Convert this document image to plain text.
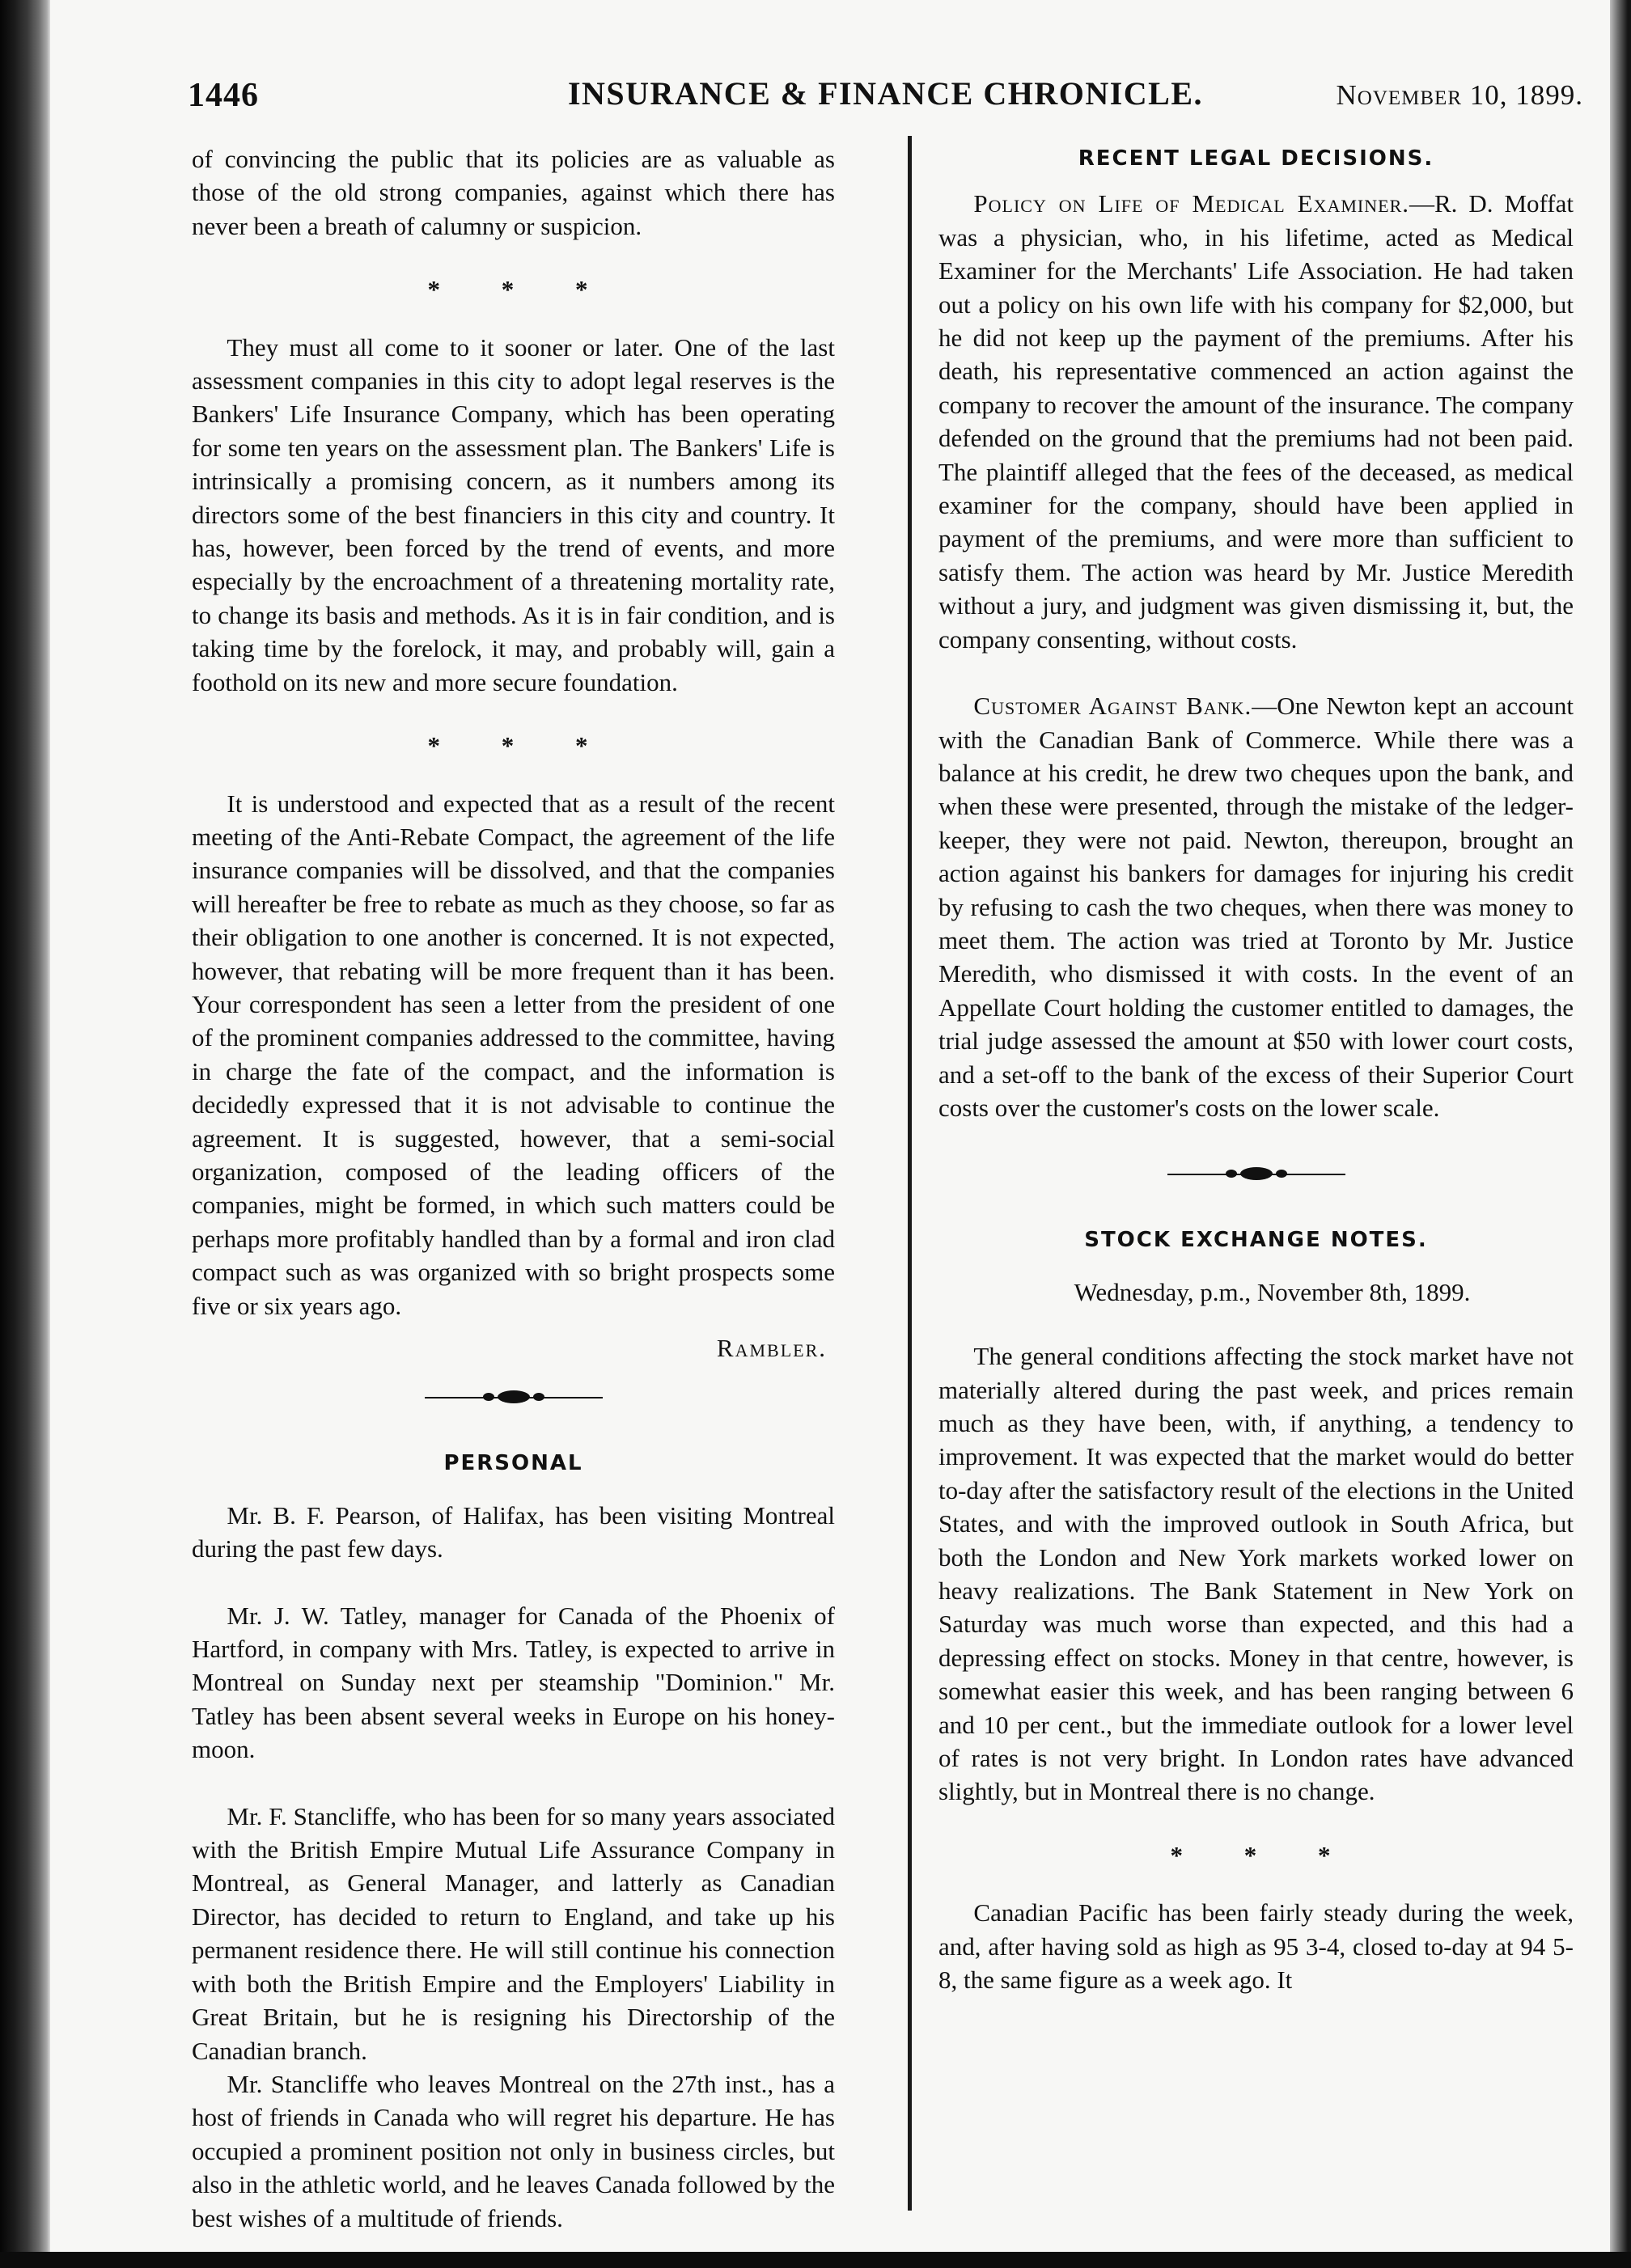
INSURANCE & FINANCE CHRONICLE.
1446	November 10, 1899.

of convincing the public that its policies are as valuable as those of the old strong companies, against which there has never been a breath of calumny or suspicion.

* * *

They must all come to it sooner or later. One of the last assessment companies in this city to adopt legal reserves is the Bankers' Life Insurance Company, which has been operating for some ten years on the assessment plan. The Bankers' Life is intrinsically a promising concern, as it numbers among its directors some of the best financiers in this city and country. It has, however, been forced by the trend of events, and more especially by the encroachment of a threatening mortality rate, to change its basis and methods. As it is in fair condition, and is taking time by the forelock, it may, and probably will, gain a foothold on its new and more secure foundation.

* * *

It is understood and expected that as a result of the recent meeting of the Anti-Rebate Compact, the agreement of the life insurance companies will be dissolved, and that the companies will hereafter be free to rebate as much as they choose, so far as their obligation to one another is concerned. It is not expected, however, that rebating will be more frequent than it has been. Your correspondent has seen a letter from the president of one of the prominent companies addressed to the committee, having in charge the fate of the compact, and the information is decidedly expressed that it is not advisable to continue the agreement. It is suggested, however, that a semi-social organization, composed of the leading officers of the companies, might be formed, in which such matters could be perhaps more profitably handled than by a formal and iron clad compact such as was organized with so bright prospects some five or six years ago.

Rambler.
PERSONAL

Mr. B. F. Pearson, of Halifax, has been visiting Montreal during the past few days.

Mr. J. W. Tatley, manager for Canada of the Phoenix of Hartford, in company with Mrs. Tatley, is expected to arrive in Montreal on Sunday next per steamship "Dominion." Mr. Tatley has been absent several weeks in Europe on his honey-moon.

Mr. F. Stancliffe, who has been for so many years associated with the British Empire Mutual Life Assurance Company in Montreal, as General Manager, and latterly as Canadian Director, has decided to return to England, and take up his permanent residence there. He will still continue his connection with both the British Empire and the Employers' Liability in Great Britain, but he is resigning his Directorship of the Canadian branch.

Mr. Stancliffe who leaves Montreal on the 27th inst., has a host of friends in Canada who will regret his departure. He has occupied a prominent position not only in business circles, but also in the athletic world, and he leaves Canada followed by the best wishes of a multitude of friends.

RECENT LEGAL DECISIONS.

Policy on Life of Medical Examiner.—R. D. Moffat was a physician, who, in his lifetime, acted as Medical Examiner for the Merchants' Life Association. He had taken out a policy on his own life with his company for $2,000, but he did not keep up the payment of the premiums. After his death, his representative commenced an action against the company to recover the amount of the insurance. The company defended on the ground that the premiums had not been paid. The plaintiff alleged that the fees of the deceased, as medical examiner for the company, should have been applied in payment of the premiums, and were more than sufficient to satisfy them. The action was heard by Mr. Justice Meredith without a jury, and judgment was given dismissing it, but, the company consenting, without costs.

Customer Against Bank.—One Newton kept an account with the Canadian Bank of Commerce. While there was a balance at his credit, he drew two cheques upon the bank, and when these were presented, through the mistake of the ledger-keeper, they were not paid. Newton, thereupon, brought an action against his bankers for damages for injuring his credit by refusing to cash the two cheques, when there was money to meet them. The action was tried at Toronto by Mr. Justice Meredith, who dismissed it with costs. In the event of an Appellate Court holding the customer entitled to damages, the trial judge assessed the amount at $50 with lower court costs, and a set-off to the bank of the excess of their Superior Court costs over the customer's costs on the lower scale.

STOCK EXCHANGE NOTES.
Wednesday, p.m., November 8th, 1899.

The general conditions affecting the stock market have not materially altered during the past week, and prices remain much as they have been, with, if anything, a tendency to improvement. It was expected that the market would do better to-day after the satisfactory result of the elections in the United States, and with the improved outlook in South Africa, but both the London and New York markets worked lower on heavy realizations. The Bank Statement in New York on Saturday was much worse than expected, and this had a depressing effect on stocks. Money in that centre, however, is somewhat easier this week, and has been ranging between 6 and 10 per cent., but the immediate outlook for a lower level of rates is not very bright. In London rates have advanced slightly, but in Montreal there is no change.

* * *

Canadian Pacific has been fairly steady during the week, and, after having sold as high as 95 3-4, closed to-day at 94 5-8, the same figure as a week ago. It
